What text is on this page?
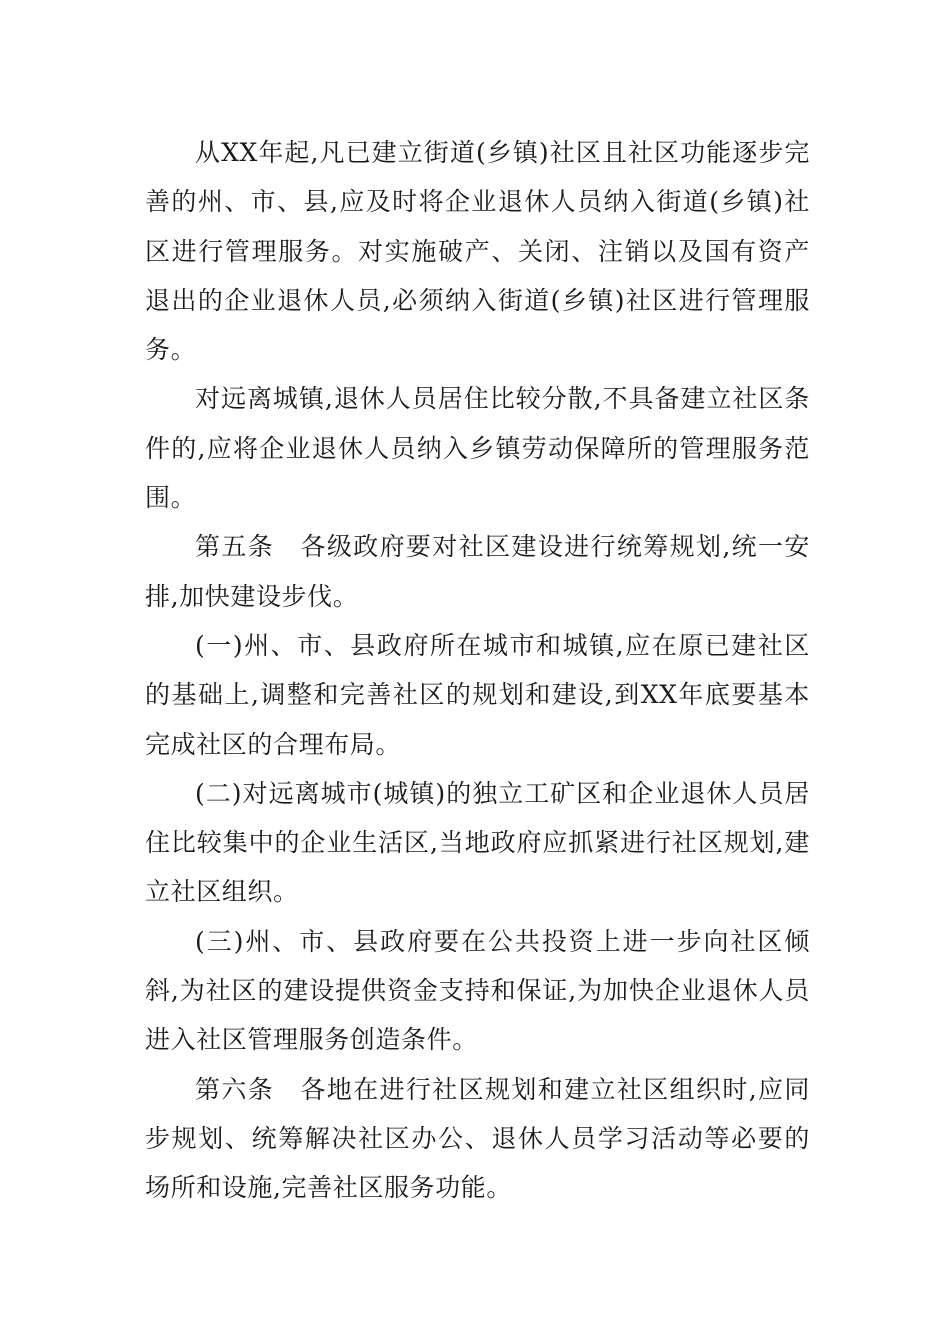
从XX年起,凡已建立街道(乡镇)社区且社区功能逐步完善的州、市、县,应及时将企业退休人员纳入街道(乡镇)社区进行管理服务。对实施破产、关闭、注销以及国有资产退出的企业退休人员,必须纳入街道(乡镇)社区进行管理服务。

对远离城镇,退休人员居住比较分散,不具备建立社区条件的,应将企业退休人员纳入乡镇劳动保障所的管理服务范围。

第五条　各级政府要对社区建设进行统筹规划,统一安排,加快建设步伐。

(一)州、市、县政府所在城市和城镇,应在原已建社区的基础上,调整和完善社区的规划和建设,到XX年底要基本完成社区的合理布局。

(二)对远离城市(城镇)的独立工矿区和企业退休人员居住比较集中的企业生活区,当地政府应抓紧进行社区规划,建立社区组织。

(三)州、市、县政府要在公共投资上进一步向社区倾斜,为社区的建设提供资金支持和保证,为加快企业退休人员进入社区管理服务创造条件。

第六条　各地在进行社区规划和建立社区组织时,应同步规划、统筹解决社区办公、退休人员学习活动等必要的场所和设施,完善社区服务功能。
